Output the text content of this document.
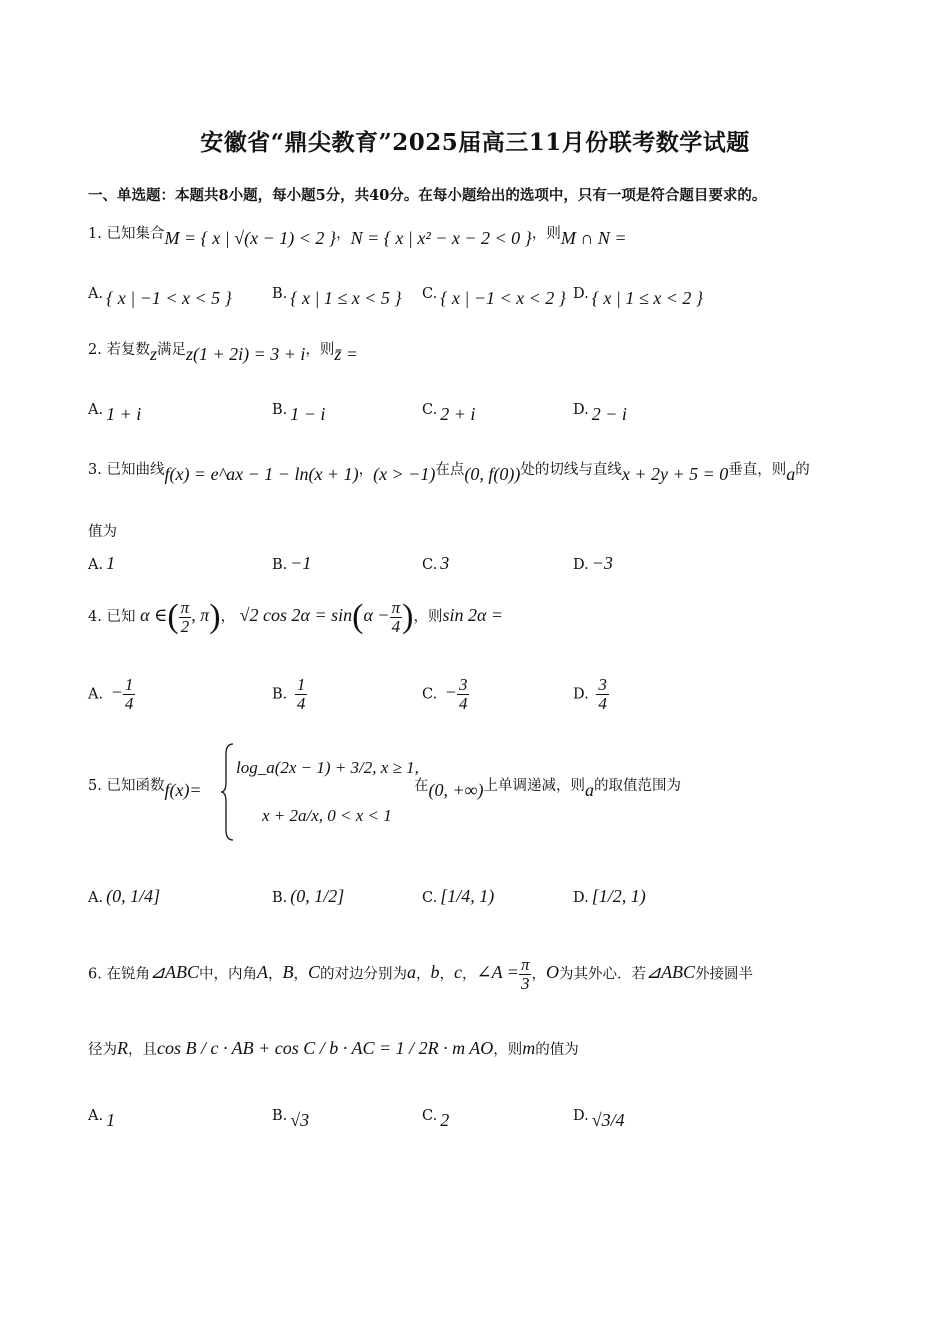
安徽省“鼎尖教育”2025届高三11月份联考数学试题
一、单选题：本题共8小题，每小题5分，共40分。在每小题给出的选项中，只有一项是符合题目要求的。
1. 已知集合M = { x | √(x − 1) < 2 }，N = { x | x² − x − 2 < 0 }，则M ∩ N =
A. { x | −1 < x < 5 }	B. { x | 1 ≤ x < 5 } C. { x | −1 < x < 2 } D. { x | 1 ≤ x < 2 }
2. 若复数z满足z(1 + 2i) = 3 + i，则z̄ =
A. 1 + i	B. 1 − i	C. 2 + i	D. 2 − i
3. 已知曲线f(x) = e^ax − 1 − ln(x + 1)，(x > −1)在点(0, f(0))处的切线与直线x + 2y + 5 = 0垂直，则a的
值为
A. 1	B. −1	C. 3	D. −3
4. 已知 α ∈( $\frac{\pi}{2}$ , π)， √2 $\cos 2\alpha = \sin(\alpha - \frac{\pi}{4}$ )，则sin 2α =
A. − $\frac{1}{4}$	B. $\frac{1}{4}$	C. − $\frac{3}{4}$	D. $\frac{3}{4}$
5. 已知函数f(x)=
log_a(2x − 1) + 3/2, x ≥ 1,
x + 2a/x, 0 < x < 1
在(0, +∞)上单调递减，则a的取值范围为
A. (0, 1/4]	B. (0, 1/2]	C. [1/4, 1)	D. [1/2, 1)
6. 在锐角⊿ABC中，内角A，B，C的对边分别为a，b，c，∠A = $\frac{\pi}{3}$ ，O为其外心．若⊿ABC外接圆半
径为R，且cos B / c · AB + cos C / b · AC = 1 / 2R · m AO，则m的值为
A. 1	B. √3	C. 2	D. √3/4
